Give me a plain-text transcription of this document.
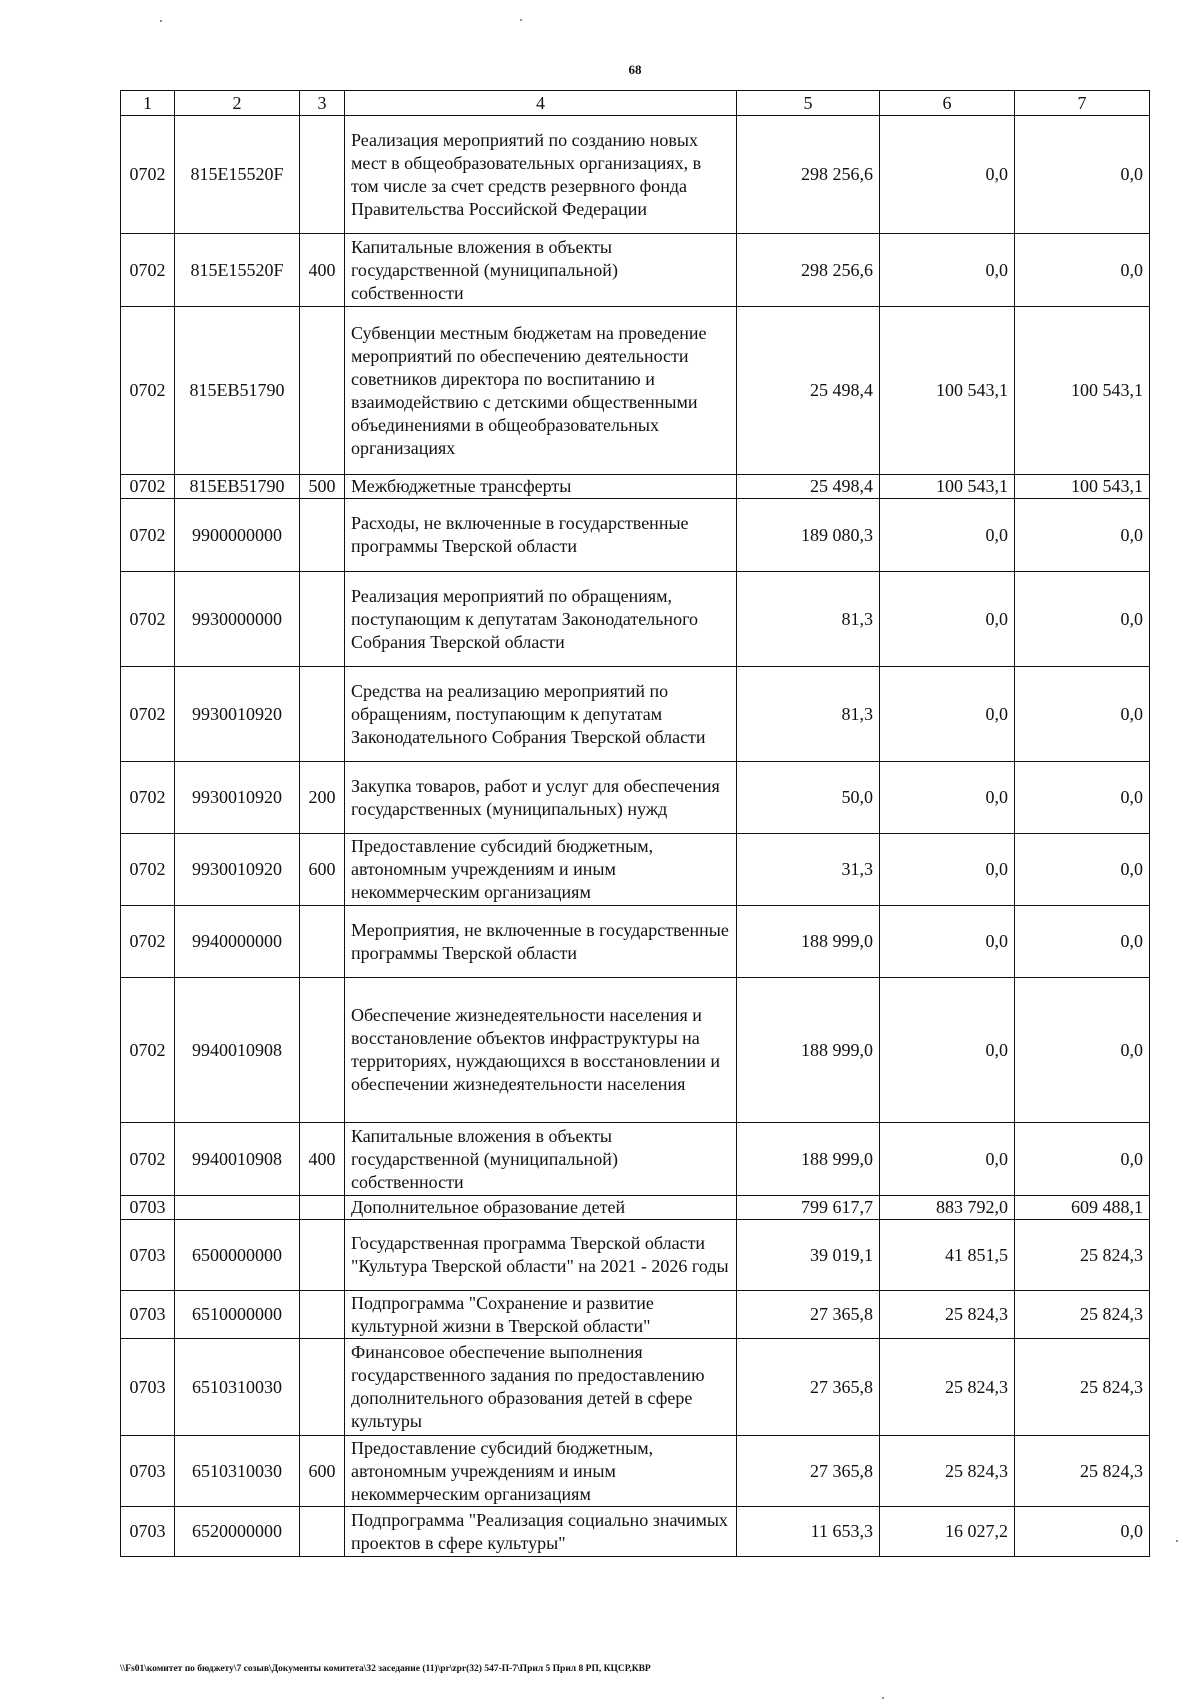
68
1	2	3	4	5	6	7
0702	815E15520F		Реализация мероприятий по созданию новых мест в общеобразовательных организациях, в том числе за счет средств резервного фонда Правительства Российской Федерации	298 256,6	0,0	0,0
0702	815E15520F	400	Капитальные вложения в объекты государственной (муниципальной) собственности	298 256,6	0,0	0,0
0702	815EB51790		Субвенции местным бюджетам на проведение мероприятий по обеспечению деятельности советников директора по воспитанию и взаимодействию с детскими общественными объединениями в общеобразовательных организациях	25 498,4	100 543,1	100 543,1
0702	815EB51790	500	Межбюджетные трансферты	25 498,4	100 543,1	100 543,1
0702	9900000000		Расходы, не включенные в государственные программы Тверской области	189 080,3	0,0	0,0
0702	9930000000		Реализация мероприятий по обращениям, поступающим к депутатам Законодательного Собрания Тверской области	81,3	0,0	0,0
0702	9930010920		Средства на реализацию мероприятий по обращениям, поступающим к депутатам Законодательного Собрания Тверской области	81,3	0,0	0,0
0702	9930010920	200	Закупка товаров, работ и услуг для обеспечения государственных (муниципальных) нужд	50,0	0,0	0,0
0702	9930010920	600	Предоставление субсидий бюджетным, автономным учреждениям и иным некоммерческим организациям	31,3	0,0	0,0
0702	9940000000		Мероприятия, не включенные в государственные программы Тверской области	188 999,0	0,0	0,0
0702	9940010908		Обеспечение жизнедеятельности населения и восстановление объектов инфраструктуры на территориях, нуждающихся в восстановлении и обеспечении жизнедеятельности населения	188 999,0	0,0	0,0
0702	9940010908	400	Капитальные вложения в объекты государственной (муниципальной) собственности	188 999,0	0,0	0,0
0703			Дополнительное образование детей	799 617,7	883 792,0	609 488,1
0703	6500000000		Государственная программа Тверской области "Культура Тверской области" на 2021 - 2026 годы	39 019,1	41 851,5	25 824,3
0703	6510000000		Подпрограмма "Сохранение и развитие культурной жизни в Тверской области"	27 365,8	25 824,3	25 824,3
0703	6510310030		Финансовое обеспечение выполнения государственного задания по предоставлению дополнительного образования детей в сфере культуры	27 365,8	25 824,3	25 824,3
0703	6510310030	600	Предоставление субсидий бюджетным, автономным учреждениям и иным некоммерческим организациям	27 365,8	25 824,3	25 824,3
0703	6520000000		Подпрограмма "Реализация социально значимых проектов в сфере культуры"	11 653,3	16 027,2	0,0
\\Fs01\комитет по бюджету\7 созыв\Документы комитета\32 заседание (11)\pr\zpr(32) 547-П-7\Прил 5 Прил 8 РП, КЦСР,КВР
